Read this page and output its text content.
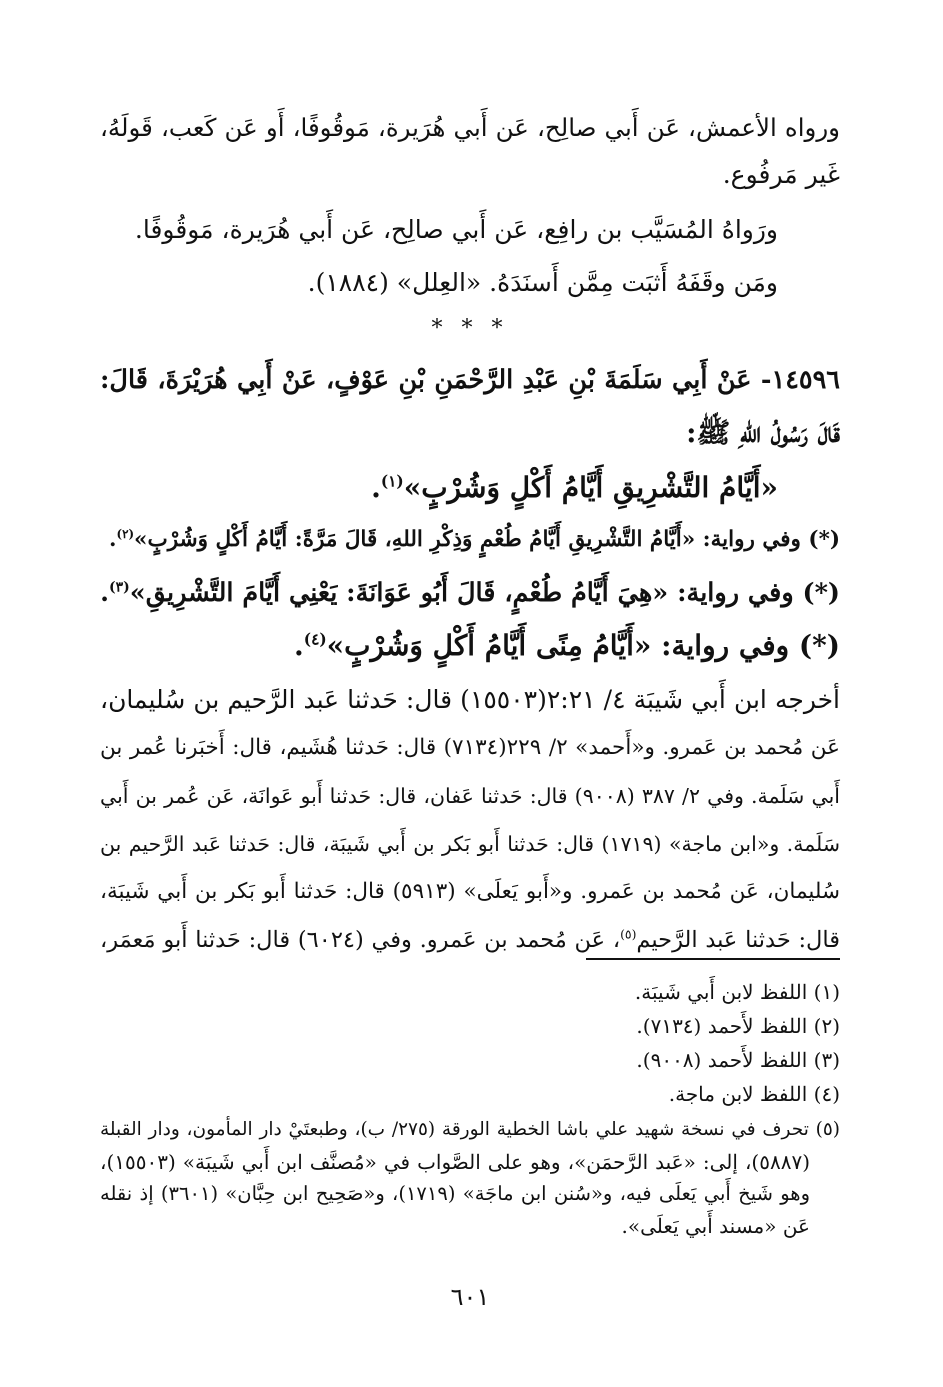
ورواه الأعمش، عَن أَبي صالِح، عَن أَبي هُرَيرة، مَوقُوفًا، أَو عَن كَعب، قَولَهُ،
غَير مَرفُوع.
ورَواهُ المُسَيَّب بن رافِع، عَن أَبي صالِح، عَن أَبي هُرَيرة، مَوقُوفًا.
ومَن وقَفَهُ أَثبَت مِمَّن أَسنَدَهُ. «العِلل» (١٨٨٤).
* * *
١٤٥٩٦- عَنْ أَبِي سَلَمَةَ بْنِ عَبْدِ الرَّحْمَنِ بْنِ عَوْفٍ، عَنْ أَبِي هُرَيْرَةَ، قَالَ:
قَالَ رَسُولُ اللهِ ﷺ:
«أَيَّامُ التَّشْرِيقِ أَيَّامُ أَكْلٍ وَشُرْبٍ»$^{(١)}$.
(*) وفي رواية: «أَيَّامُ التَّشْرِيقِ أَيَّامُ طُعْمٍ وَذِكْرِ اللهِ، قَالَ مَرَّةً: أَيَّامُ أَكْلٍ وَشُرْبٍ»$^{(٢)}$.
(*) وفي رواية: «هِيَ أَيَّامُ طُعْمٍ، قَالَ أَبُو عَوَانَةَ: يَعْنِي أَيَّامَ التَّشْرِيقِ»$^{(٣)}$.
(*) وفي رواية: «أَيَّامُ مِنًى أَيَّامُ أَكْلٍ وَشُرْبٍ»$^{(٤)}$.
أخرجه ابن أَبي شَيبَة ٤/ ٢:٢١(١٥٥٠٣) قال: حَدثنا عَبد الرَّحيم بن سُليمان،
عَن مُحمد بن عَمرو. و«أَحمد» ٢/ ٢٢٩(٧١٣٤) قال: حَدثنا هُشَيم، قال: أَخبَرنا عُمر بن
أَبي سَلَمة. وفي ٢/ ٣٨٧ (٩٠٠٨) قال: حَدثنا عَفان، قال: حَدثنا أَبو عَوانَة، عَن عُمر بن أَبي
سَلَمة. و«ابن ماجة» (١٧١٩) قال: حَدثنا أَبو بَكر بن أَبي شَيبَة، قال: حَدثنا عَبد الرَّحيم بن
سُليمان، عَن مُحمد بن عَمرو. و«أَبو يَعلَى» (٥٩١٣) قال: حَدثنا أَبو بَكر بن أَبي شَيبَة،
قال: حَدثنا عَبد الرَّحيم$^{(٥)}$، عَن مُحمد بن عَمرو. وفي (٦٠٢٤) قال: حَدثنا أَبو مَعمَر،
(١) اللفظ لابن أَبي شَيبَة.
(٢) اللفظ لأَحمد (٧١٣٤).
(٣) اللفظ لأَحمد (٩٠٠٨).
(٤) اللفظ لابن ماجة.
(٥) تحرف في نسخة شهيد علي باشا الخطية الورقة (٢٧٥/ ب)، وطبعتَيْ دار المأمون، ودار القبلة
(٥٨٨٧)، إلى: «عَبد الرَّحمَن»، وهو على الصَّواب في «مُصنَّف ابن أَبي شَيبَة» (١٥٥٠٣)،
وهو شَيخ أَبي يَعلَى فيه، و«سُنن ابن ماجَة» (١٧١٩)، و«صَحِيح ابن حِبَّان» (٣٦٠١) إذ نقله
عَن «مسند أَبي يَعلَى».
٦٠١
